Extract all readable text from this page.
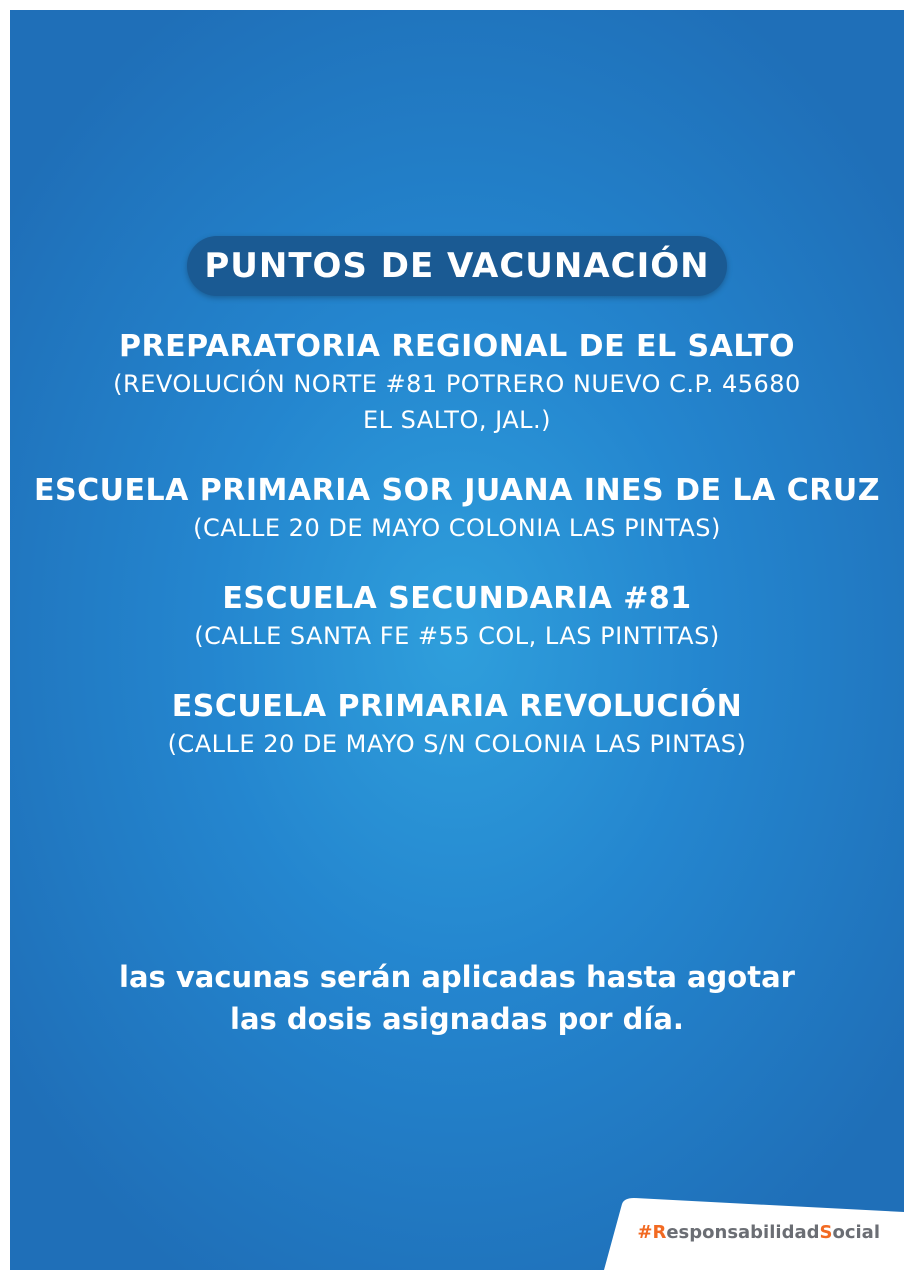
PUNTOS DE VACUNACIÓN
PREPARATORIA REGIONAL DE EL SALTO
(REVOLUCIÓN NORTE #81 POTRERO NUEVO C.P. 45680
EL SALTO, JAL.)
ESCUELA PRIMARIA SOR JUANA INES DE LA CRUZ
(CALLE 20 DE MAYO COLONIA LAS PINTAS)
ESCUELA SECUNDARIA #81
(CALLE SANTA FE #55 COL, LAS PINTITAS)
ESCUELA PRIMARIA REVOLUCIÓN
(CALLE 20 DE MAYO S/N COLONIA LAS PINTAS)
las vacunas serán aplicadas hasta agotar
las dosis asignadas por día.
#ResponsabilidadSocial
